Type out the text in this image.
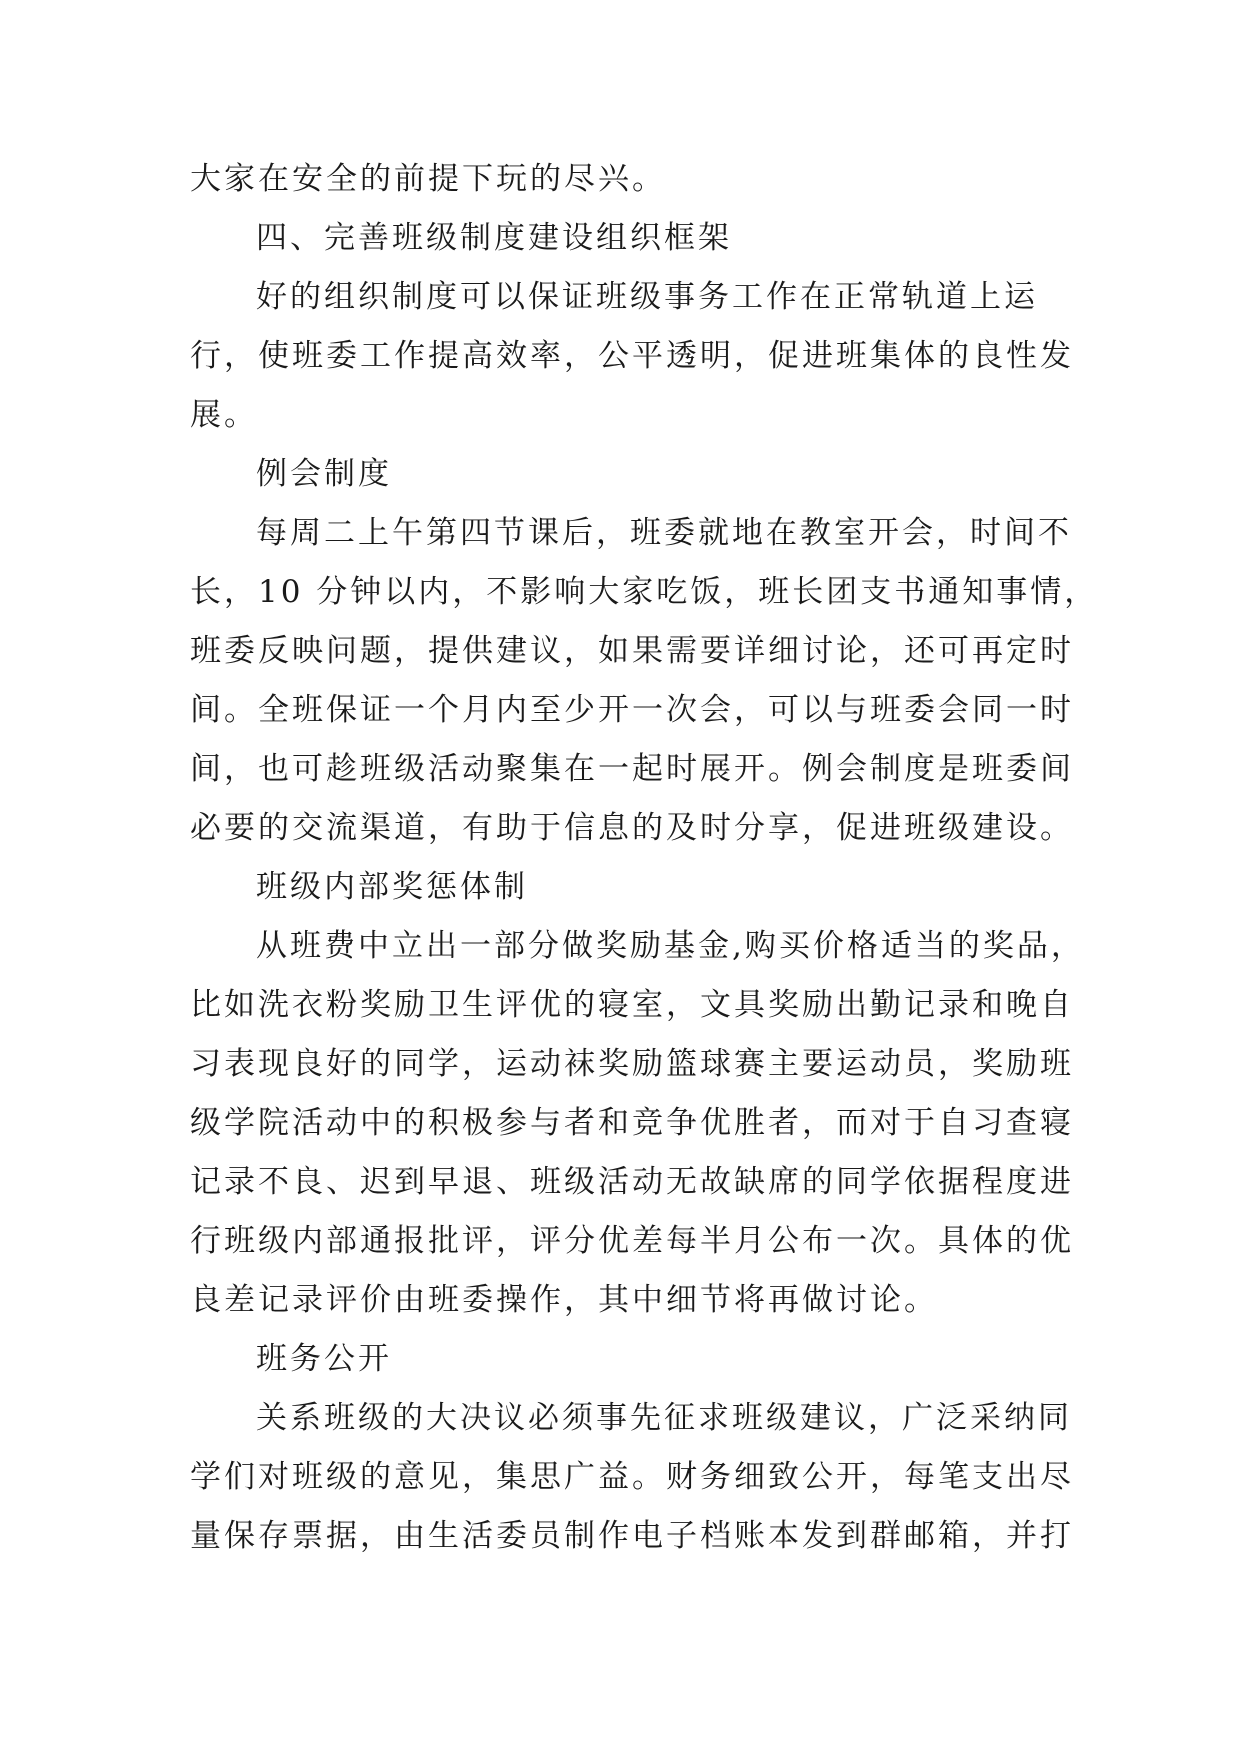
大家在安全的前提下玩的尽兴。
四、完善班级制度建设组织框架
好的组织制度可以保证班级事务工作在正常轨道上运
行，使班委工作提高效率，公平透明，促进班集体的良性发
展。
例会制度
每周二上午第四节课后，班委就地在教室开会，时间不
长，10 分钟以内，不影响大家吃饭，班长团支书通知事情，
班委反映问题，提供建议，如果需要详细讨论，还可再定时
间。全班保证一个月内至少开一次会，可以与班委会同一时
间，也可趁班级活动聚集在一起时展开。例会制度是班委间
必要的交流渠道，有助于信息的及时分享，促进班级建设。
班级内部奖惩体制
从班费中立出一部分做奖励基金,购买价格适当的奖品，
比如洗衣粉奖励卫生评优的寝室，文具奖励出勤记录和晚自
习表现良好的同学，运动袜奖励篮球赛主要运动员，奖励班
级学院活动中的积极参与者和竞争优胜者，而对于自习查寝
记录不良、迟到早退、班级活动无故缺席的同学依据程度进
行班级内部通报批评，评分优差每半月公布一次。具体的优
良差记录评价由班委操作，其中细节将再做讨论。
班务公开
关系班级的大决议必须事先征求班级建议，广泛采纳同
学们对班级的意见，集思广益。财务细致公开，每笔支出尽
量保存票据，由生活委员制作电子档账本发到群邮箱，并打
